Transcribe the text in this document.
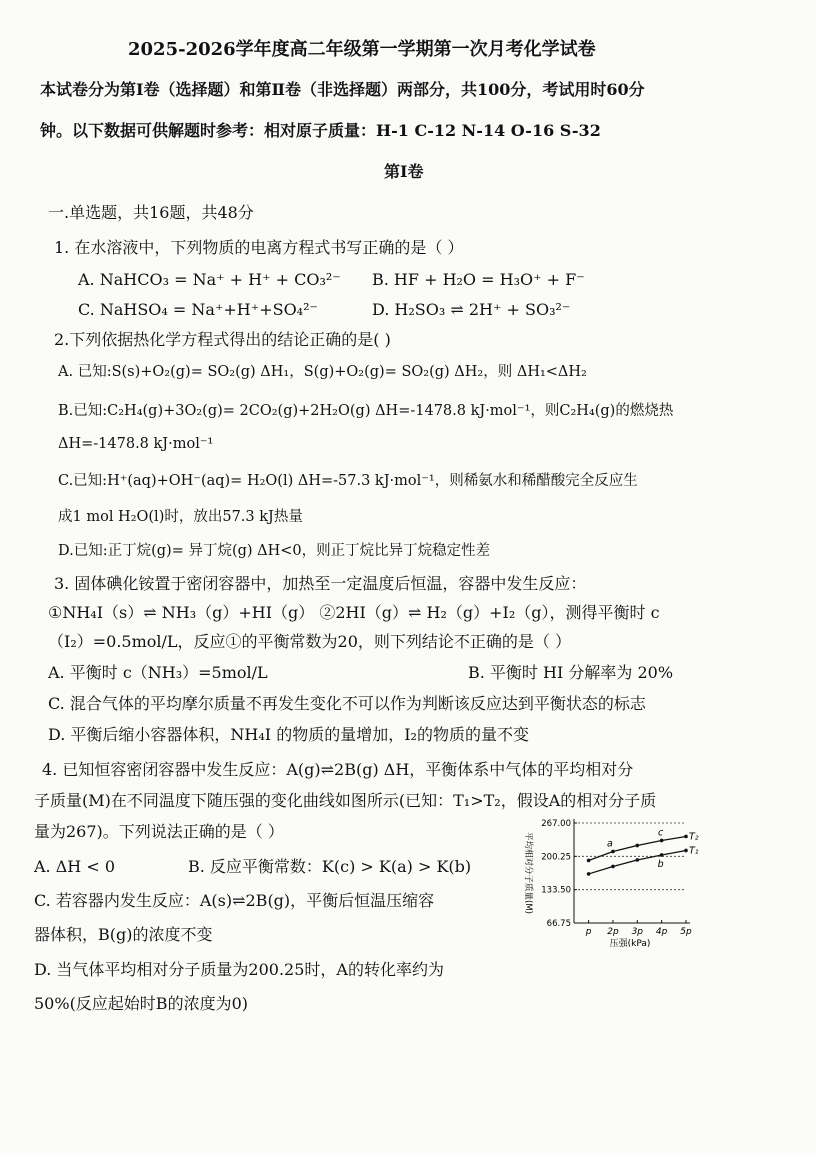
2025-2026学年度高二年级第一学期第一次月考化学试卷
本试卷分为第Ⅰ卷（选择题）和第Ⅱ卷（非选择题）两部分，共100分，考试用时60分
钟。以下数据可供解题时参考：相对原子质量：H-1 C-12 N-14 O-16 S-32
第Ⅰ卷
一.单选题，共16题，共48分
1. 在水溶液中，下列物质的电离方程式书写正确的是（ ）
A. NaHCO₃ = Na⁺ + H⁺ + CO₃²⁻ B. HF + H₂O = H₃O⁺ + F⁻
C. NaHSO₄ = Na⁺+H⁺+SO₄²⁻	D. H₂SO₃ ⇌ 2H⁺ + SO₃²⁻
2.下列依据热化学方程式得出的结论正确的是( )
A. 已知:S(s)+O₂(g)= SO₂(g) ΔH₁，S(g)+O₂(g)= SO₂(g) ΔH₂，则 ΔH₁<ΔH₂
B.已知:C₂H₄(g)+3O₂(g)= 2CO₂(g)+2H₂O(g) ΔH=-1478.8 kJ·mol⁻¹，则C₂H₄(g)的燃烧热
ΔH=-1478.8 kJ·mol⁻¹
C.已知:H⁺(aq)+OH⁻(aq)= H₂O(l) ΔH=-57.3 kJ·mol⁻¹，则稀氨水和稀醋酸完全反应生
成1 mol H₂O(l)时，放出57.3 kJ热量
D.已知:正丁烷(g)= 异丁烷(g) ΔH<0，则正丁烷比异丁烷稳定性差
3. 固体碘化铵置于密闭容器中，加热至一定温度后恒温，容器中发生反应：
①NH₄I（s）⇌ NH₃（g）+HI（g） ②2HI（g）⇌ H₂（g）+I₂（g），测得平衡时 c
（I₂）=0.5mol/L，反应①的平衡常数为20，则下列结论不正确的是（ ）
A. 平衡时 c（NH₃）=5mol/L	B. 平衡时 HI 分解率为 20%
C. 混合气体的平均摩尔质量不再发生变化不可以作为判断该反应达到平衡状态的标志
D. 平衡后缩小容器体积，NH₄I 的物质的量增加，I₂的物质的量不变
4. 已知恒容密闭容器中发生反应：A(g)⇌2B(g) ΔH，平衡体系中气体的平均相对分
子质量(M)在不同温度下随压强的变化曲线如图所示(已知：T₁>T₂，假设A的相对分子质
量为267)。下列说法正确的是（ ）
A. ΔH < 0	B. 反应平衡常数：K(c) > K(a) > K(b)
C. 若容器内发生反应：A(s)⇌2B(g)，平衡后恒温压缩容
器体积，B(g)的浓度不变
D. 当气体平均相对分子质量为200.25时，A的转化率约为
50%(反应起始时B的浓度为0)
267.00
200.25
133.50
66.75
p 2p 3p 4p 5p
压强(kPa)
平均相对分子质量(M)	T₂
T₁
a
c
b
